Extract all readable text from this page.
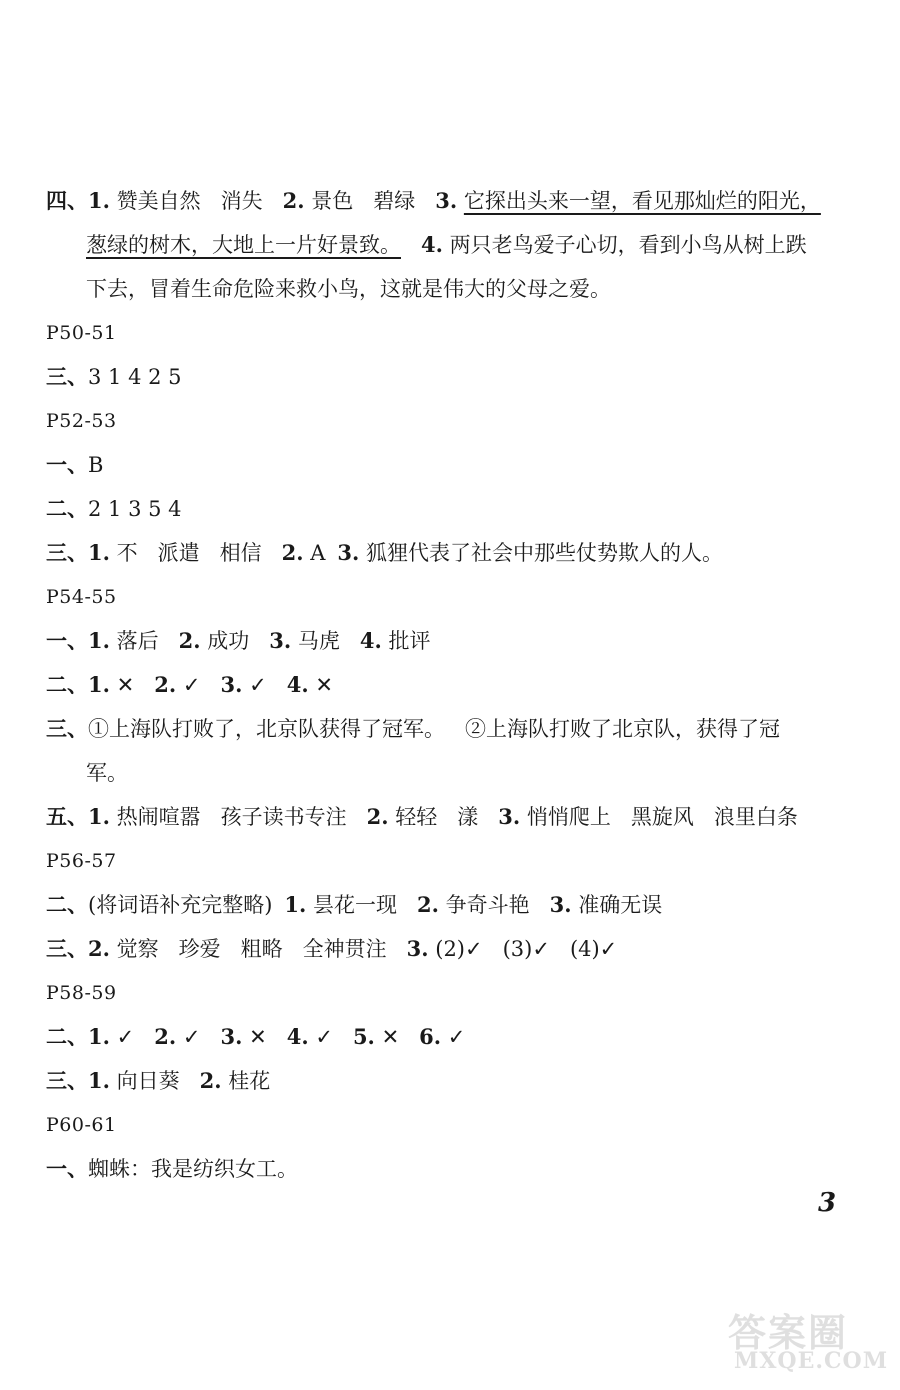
四、1. 赞美自然 消失 2. 景色 碧绿 3. 它探出头来一望，看见那灿烂的阳光，
葱绿的树木，大地上一片好景致。 4. 两只老鸟爱子心切，看到小鸟从树上跌
下去，冒着生命危险来救小鸟，这就是伟大的父母之爱。
P50-51
三、3 1 4 2 5
P52-53
一、B
二、2 1 3 5 4
三、1. 不 派遣 相信 2. A 3. 狐狸代表了社会中那些仗势欺人的人。
P54-55
一、1. 落后 2. 成功 3. 马虎 4. 批评
二、1. ✕ 2. ✓ 3. ✓ 4. ✕
三、①上海队打败了，北京队获得了冠军。 ②上海队打败了北京队，获得了冠
军。
五、1. 热闹喧嚣 孩子读书专注 2. 轻轻 漾 3. 悄悄爬上 黑旋风 浪里白条
P56-57
二、(将词语补充完整略) 1. 昙花一现 2. 争奇斗艳 3. 准确无误
三、2. 觉察 珍爱 粗略 全神贯注 3. (2)✓ (3)✓ (4)✓
P58-59
二、1. ✓ 2. ✓ 3. ✕ 4. ✓ 5. ✕ 6. ✓
三、1. 向日葵 2. 桂花
P60-61
一、蜘蛛：我是纺织女工。
3
答案圈
MXQE.COM
